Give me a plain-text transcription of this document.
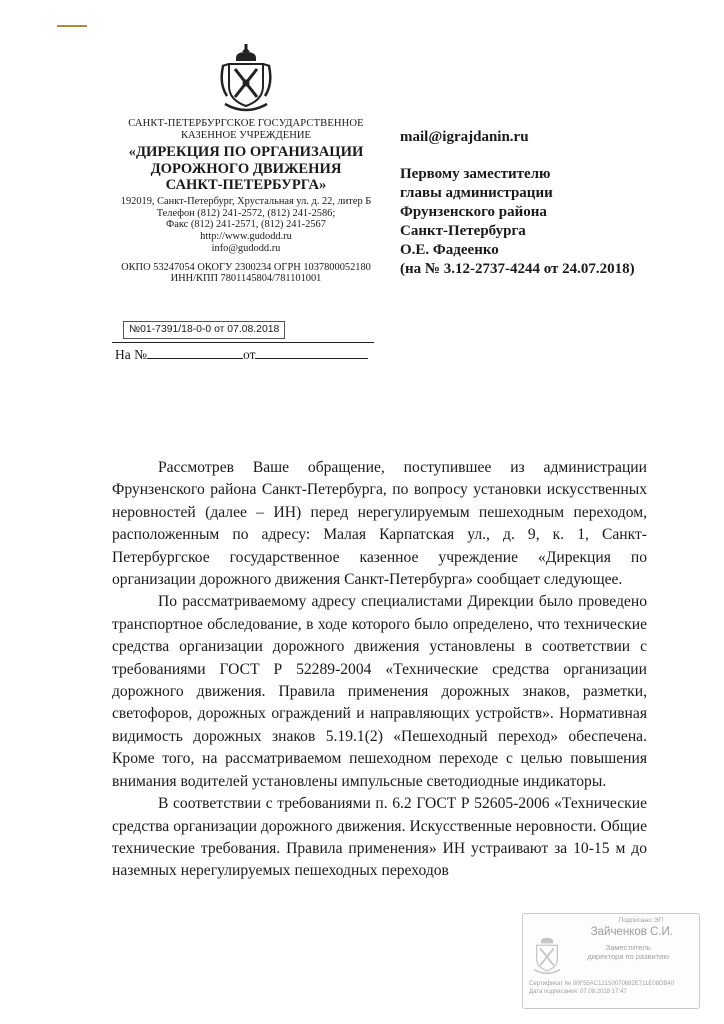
САНКТ-ПЕТЕРБУРГСКОЕ ГОСУДАРСТВЕННОЕ
КАЗЕННОЕ УЧРЕЖДЕНИЕ
«ДИРЕКЦИЯ ПО ОРГАНИЗАЦИИ
ДОРОЖНОГО ДВИЖЕНИЯ
САНКТ-ПЕТЕРБУРГА»
192019, Санкт-Петербург, Хрустальная ул. д. 22, литер Б
Телефон (812) 241-2572, (812) 241-2586;
Факс (812) 241-2571, (812) 241-2567
http://www.gudodd.ru
info@gudodd.ru
ОКПО 53247054 ОКОГУ 2300234 ОГРН 1037800052180
ИНН/КПП 7801145804/781101001
mail@igrajdanin.ru
Первому заместителю
главы администрации
Фрунзенского района
Санкт-Петербурга
О.Е. Фадеенко
(на № 3.12-2737-4244 от 24.07.2018)
№01-7391/18-0-0 от 07.08.2018
На №	от

Рассмотрев Ваше обращение, поступившее из администрации Фрунзенского района Санкт-Петербурга, по вопросу установки искусственных неровностей (далее – ИН) перед нерегулируемым пешеходным переходом, расположенным по адресу: Малая Карпатская ул., д. 9, к. 1, Санкт-Петербургское государственное казенное учреждение «Дирекция по организации дорожного движения Санкт-Петербурга» сообщает следующее.

По рассматриваемому адресу специалистами Дирекции было проведено транспортное обследование, в ходе которого было определено, что технические средства организации дорожного движения установлены в соответствии с требованиями ГОСТ Р 52289-2004 «Технические средства организации дорожного движения. Правила применения дорожных знаков, разметки, светофоров, дорожных ограждений и направляющих устройств». Нормативная видимость дорожных знаков 5.19.1(2) «Пешеходный переход» обеспечена. Кроме того, на рассматриваемом пешеходном переходе с целью повышения внимания водителей установлены импульсные светодиодные индикаторы.

В соответствии с требованиями п. 6.2 ГОСТ Р 52605-2006 «Технические средства организации дорожного движения. Искусственные неровности. Общие технические требования. Правила применения» ИН устраивают за 10-15 м до наземных нерегулируемых пешеходных переходов

Подписано ЭП
Зайченков С.И.
Заместитель
директора по развитию
Сертификат № 00F55AC12150070682E711E08DB40
Дата подписания: 07.08.2018 17:47
